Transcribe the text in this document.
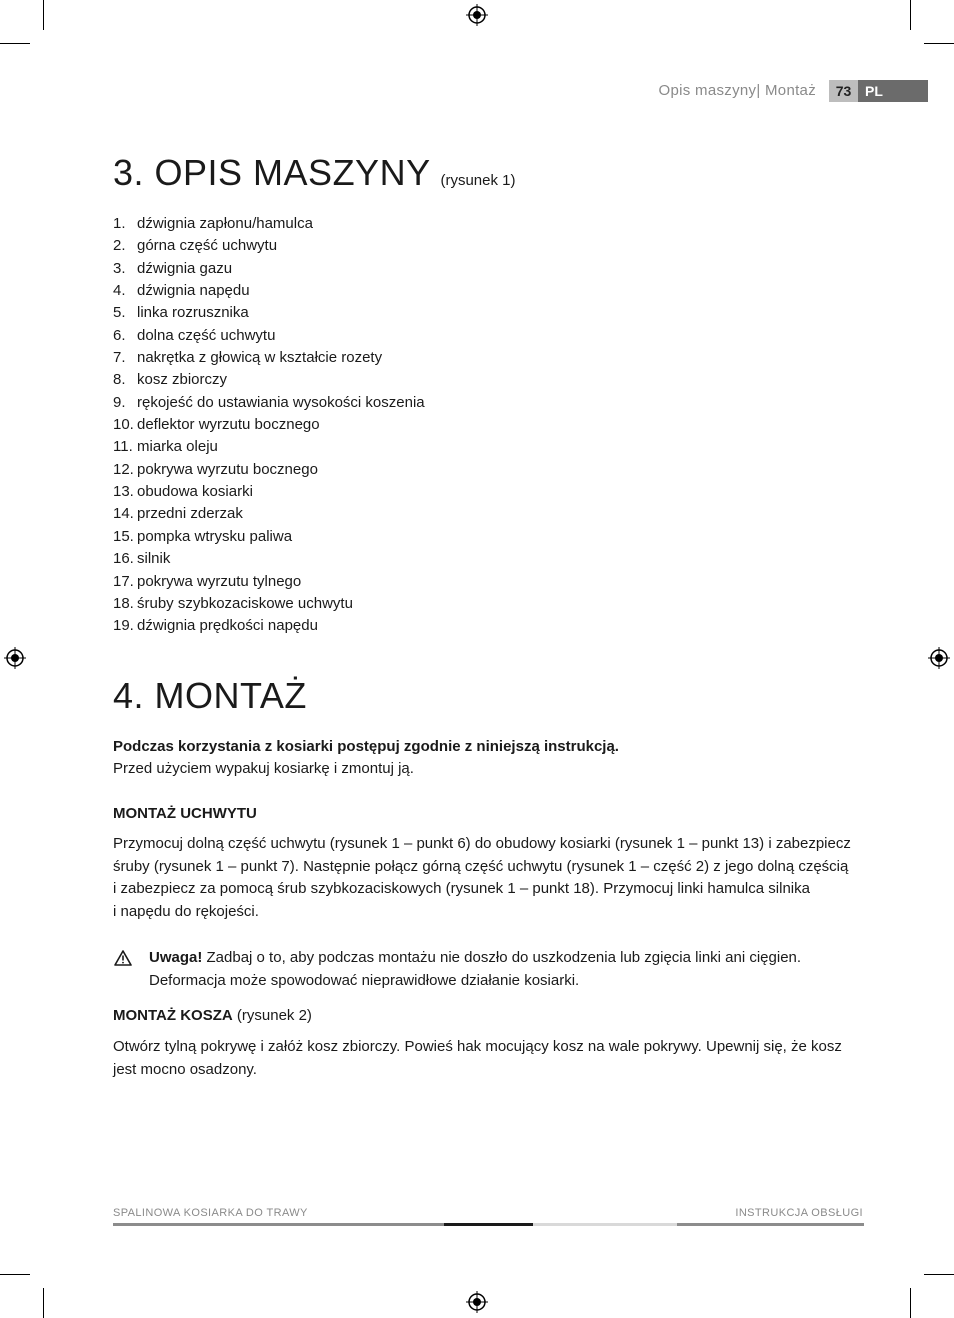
Opis maszyny| Montaż	73 PL
3. OPIS MASZYNY (rysunek 1)
1. dźwignia zapłonu/hamulca
2. górna część uchwytu
3. dźwignia gazu
4. dźwignia napędu
5. linka rozrusznika
6. dolna część uchwytu
7. nakrętka z głowicą w kształcie rozety
8. kosz zbiorczy
9. rękojeść do ustawiania wysokości koszenia
10. deflektor wyrzutu bocznego
11. miarka oleju
12. pokrywa wyrzutu bocznego
13. obudowa kosiarki
14. przedni zderzak
15. pompka wtrysku paliwa
16. silnik
17. pokrywa wyrzutu tylnego
18. śruby szybkozaciskowe uchwytu
19. dźwignia prędkości napędu
4. MONTAŻ

Podczas korzystania z kosiarki postępuj zgodnie z niniejszą instrukcją.

Przed użyciem wypakuj kosiarkę i zmontuj ją.

MONTAŻ UCHWYTU

Przymocuj dolną część uchwytu (rysunek 1 – punkt 6) do obudowy kosiarki (rysunek 1 – punkt 13) i zabezpiecz
śruby (rysunek 1 – punkt 7). Następnie połącz górną część uchwytu (rysunek 1 – część 2) z jego dolną częścią
i zabezpiecz za pomocą śrub szybkozaciskowych (rysunek 1 – punkt 18). Przymocuj linki hamulca silnika
i napędu do rękojeści.
Uwaga! Zadbaj o to, aby podczas montażu nie doszło do uszkodzenia lub zgięcia linki ani cięgien.
Deformacja może spowodować nieprawidłowe działanie kosiarki.

MONTAŻ KOSZA (rysunek 2)

Otwórz tylną pokrywę i załóż kosz zbiorczy. Powieś hak mocujący kosz na wale pokrywy. Upewnij się, że kosz
jest mocno osadzony.
SPALINOWA KOSIARKA DO TRAWY	INSTRUKCJA OBSŁUGI
